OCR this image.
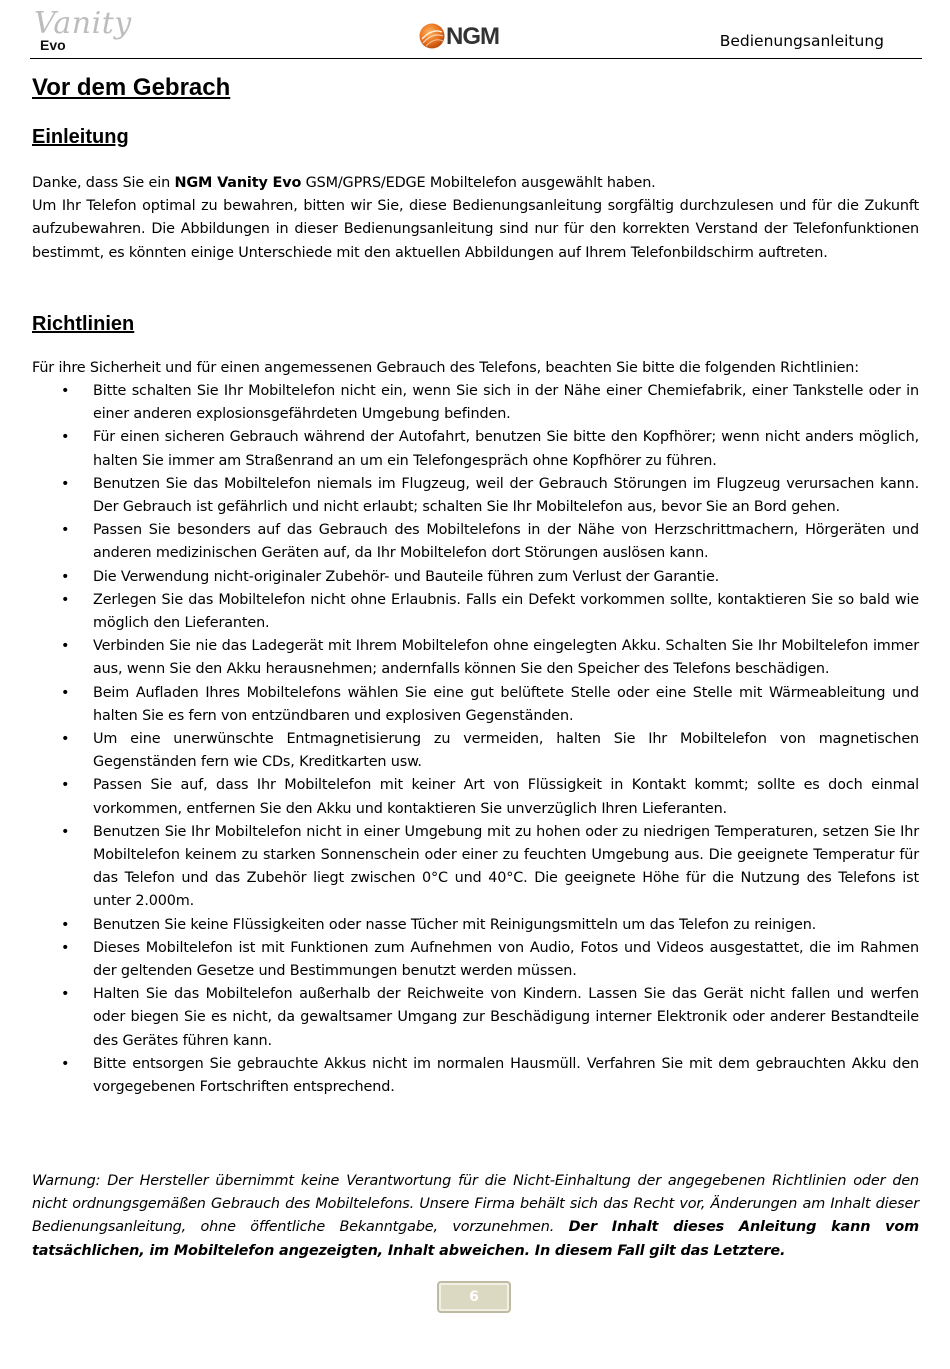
Vanity
Evo	NGM	Bedienungsanleitung
Vor dem Gebrach
Einleitung
Danke, dass Sie ein NGM Vanity Evo GSM/GPRS/EDGE Mobiltelefon ausgewählt haben.
Um Ihr Telefon optimal zu bewahren, bitten wir Sie, diese Bedienungsanleitung sorgfältig durchzulesen und für die Zukunft aufzubewahren. Die Abbildungen in dieser Bedienungsanleitung sind nur für den korrekten Verstand der Telefonfunktionen bestimmt, es könnten einige Unterschiede mit den aktuellen Abbildungen auf Ihrem Telefonbildschirm auftreten.
Richtlinien
Für ihre Sicherheit und für einen angemessenen Gebrauch des Telefons, beachten Sie bitte die folgenden Richtlinien:
• Bitte schalten Sie Ihr Mobiltelefon nicht ein, wenn Sie sich in der Nähe einer Chemiefabrik, einer Tankstelle oder in einer anderen explosionsgefährdeten Umgebung befinden.
• Für einen sicheren Gebrauch während der Autofahrt, benutzen Sie bitte den Kopfhörer; wenn nicht anders möglich, halten Sie immer am Straßenrand an um ein Telefongespräch ohne Kopfhörer zu führen.
• Benutzen Sie das Mobiltelefon niemals im Flugzeug, weil der Gebrauch Störungen im Flugzeug verursachen kann. Der Gebrauch ist gefährlich und nicht erlaubt; schalten Sie Ihr Mobiltelefon aus, bevor Sie an Bord gehen.
• Passen Sie besonders auf das Gebrauch des Mobiltelefons in der Nähe von Herzschrittmachern, Hörgeräten und anderen medizinischen Geräten auf, da Ihr Mobiltelefon dort Störungen auslösen kann.
• Die Verwendung nicht-originaler Zubehör- und Bauteile führen zum Verlust der Garantie.
• Zerlegen Sie das Mobiltelefon nicht ohne Erlaubnis. Falls ein Defekt vorkommen sollte, kontaktieren Sie so bald wie möglich den Lieferanten.
• Verbinden Sie nie das Ladegerät mit Ihrem Mobiltelefon ohne eingelegten Akku. Schalten Sie Ihr Mobiltelefon immer aus, wenn Sie den Akku herausnehmen; andernfalls können Sie den Speicher des Telefons beschädigen.
• Beim Aufladen Ihres Mobiltelefons wählen Sie eine gut belüftete Stelle oder eine Stelle mit Wärmeableitung und halten Sie es fern von entzündbaren und explosiven Gegenständen.
• Um eine unerwünschte Entmagnetisierung zu vermeiden, halten Sie Ihr Mobiltelefon von magnetischen Gegenständen fern wie CDs, Kreditkarten usw.
• Passen Sie auf, dass Ihr Mobiltelefon mit keiner Art von Flüssigkeit in Kontakt kommt; sollte es doch einmal vorkommen, entfernen Sie den Akku und kontaktieren Sie unverzüglich Ihren Lieferanten.
• Benutzen Sie Ihr Mobiltelefon nicht in einer Umgebung mit zu hohen oder zu niedrigen Temperaturen, setzen Sie Ihr Mobiltelefon keinem zu starken Sonnenschein oder einer zu feuchten Umgebung aus. Die geeignete Temperatur für das Telefon und das Zubehör liegt zwischen 0°C und 40°C. Die geeignete Höhe für die Nutzung des Telefons ist unter 2.000m.
• Benutzen Sie keine Flüssigkeiten oder nasse Tücher mit Reinigungsmitteln um das Telefon zu reinigen.
• Dieses Mobiltelefon ist mit Funktionen zum Aufnehmen von Audio, Fotos und Videos ausgestattet, die im Rahmen der geltenden Gesetze und Bestimmungen benutzt werden müssen.
• Halten Sie das Mobiltelefon außerhalb der Reichweite von Kindern. Lassen Sie das Gerät nicht fallen und werfen oder biegen Sie es nicht, da gewaltsamer Umgang zur Beschädigung interner Elektronik oder anderer Bestandteile des Gerätes führen kann.
• Bitte entsorgen Sie gebrauchte Akkus nicht im normalen Hausmüll. Verfahren Sie mit dem gebrauchten Akku den vorgegebenen Fortschriften entsprechend.
Warnung: Der Hersteller übernimmt keine Verantwortung für die Nicht-Einhaltung der angegebenen Richtlinien oder den nicht ordnungsgemäßen Gebrauch des Mobiltelefons. Unsere Firma behält sich das Recht vor, Änderungen am Inhalt dieser Bedienungsanleitung, ohne öffentliche Bekanntgabe, vorzunehmen. Der Inhalt dieses Anleitung kann vom tatsächlichen, im Mobiltelefon angezeigten, Inhalt abweichen. In diesem Fall gilt das Letztere.
6
